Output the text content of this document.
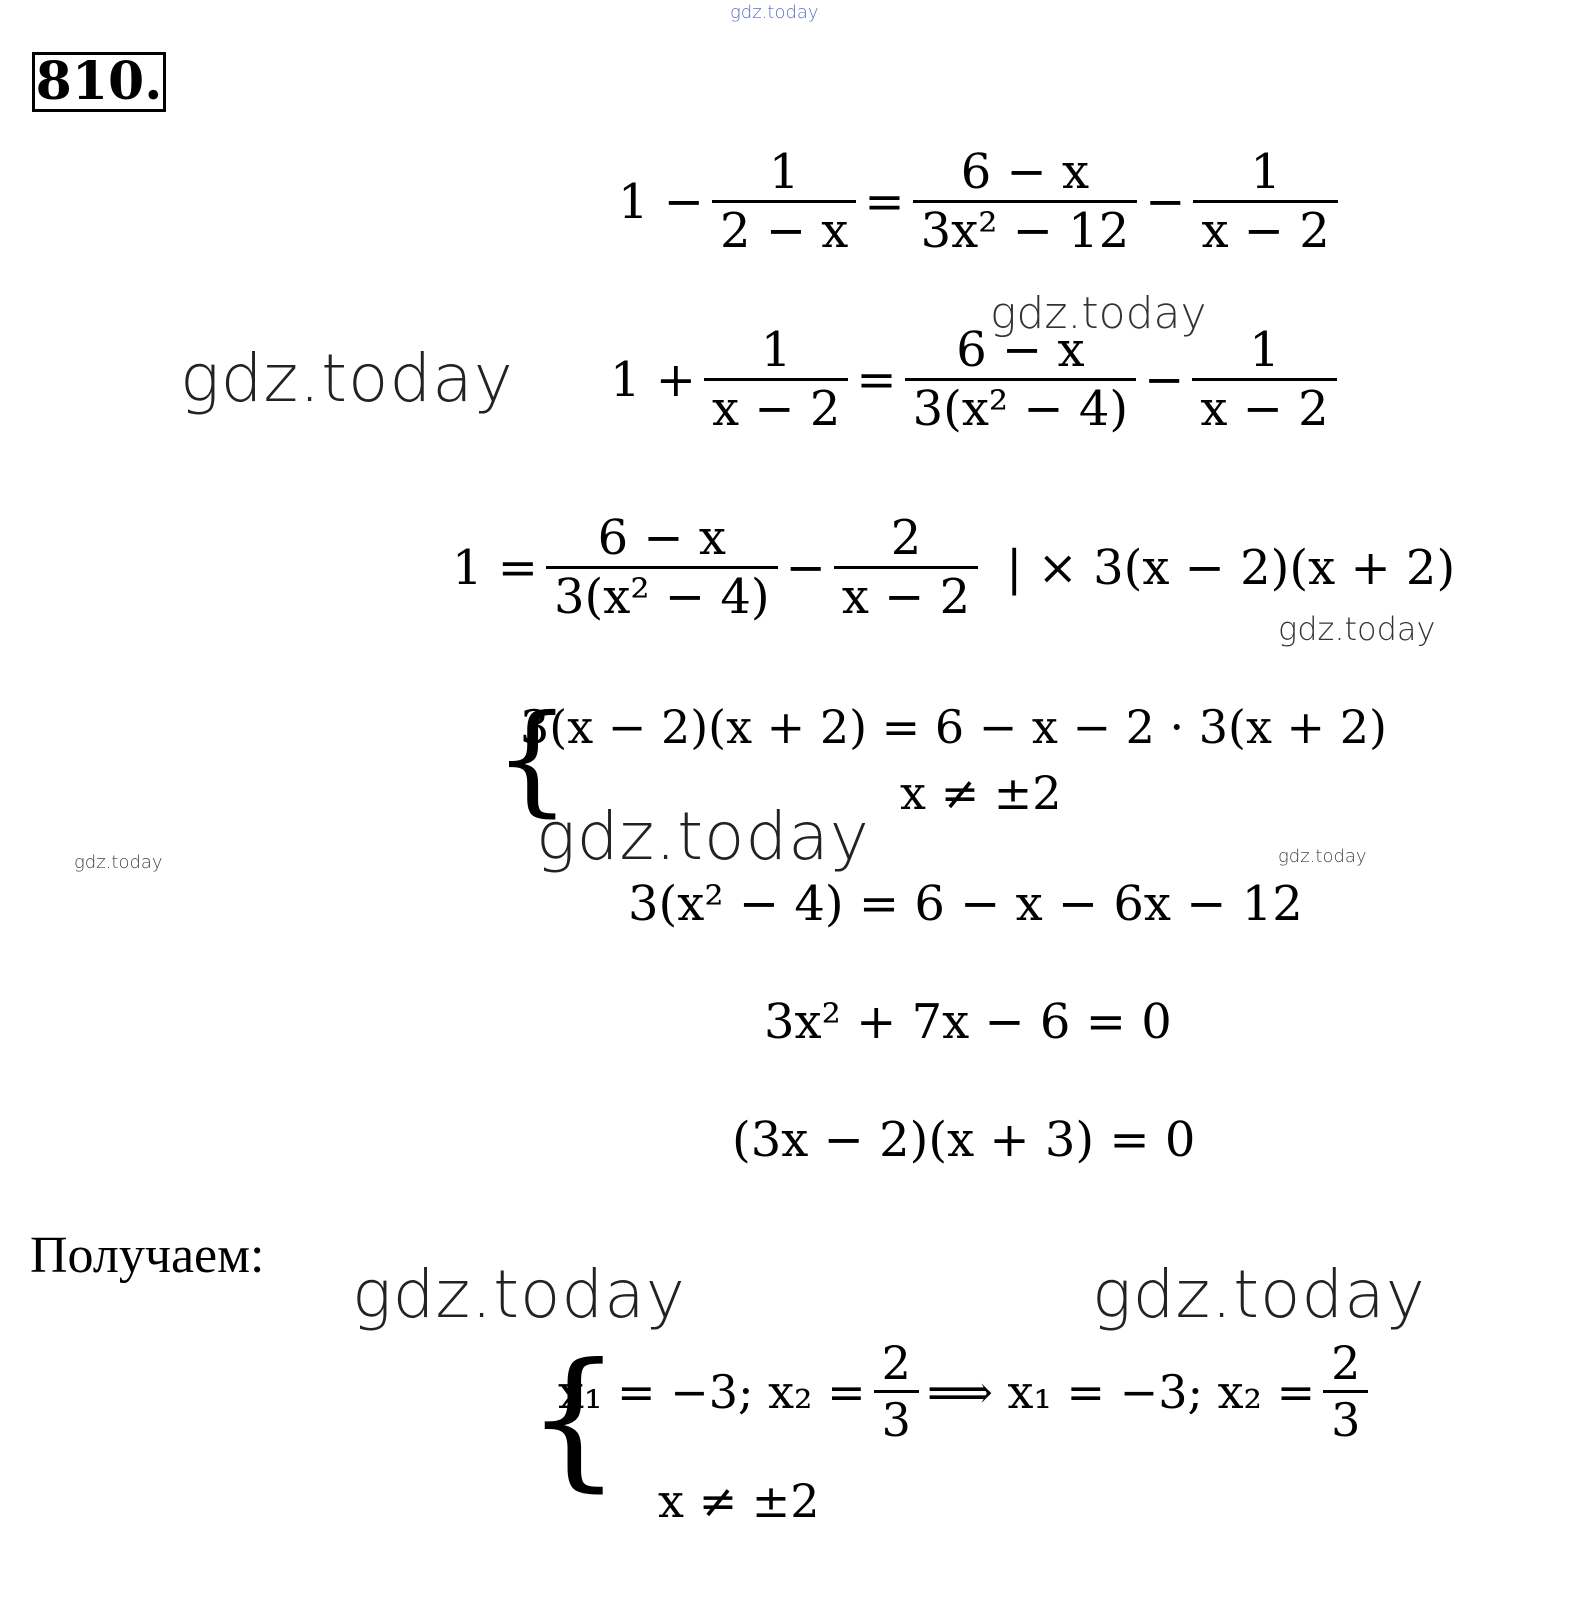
gdz.today
gdz.today
gdz.today
gdz.today
gdz.today
gdz.today	gdz.today
gdz.today	gdz.today
810.
$1 - \frac{1}{2 - x} = \frac{6 - x}{\text{3x² − 12}} - \frac{1}{x - 2}$
$1 + \frac{1}{x - 2} = \frac{6 - x}{\text{3(x² − 4)}} - \frac{1}{x - 2}$
$1 = \frac{6 - x}{\text{3(x² − 4)}} - \frac{2}{x - 2}$ | × 3(x − 2)(x + 2)
{
3(x − 2)(x + 2) = 6 − x − 2 · 3(x + 2)
x ≠ ±2
3(x² − 4) = 6 − x − 6x − 12
3x² + 7x − 6 = 0
(3x − 2)(x + 3) = 0
Получаем:
{
x₁ = −3; $x_2 = \frac{2}{3}$ ⟹ x₁ = −3; $x_2 = \frac{2}{3}$
x ≠ ±2
